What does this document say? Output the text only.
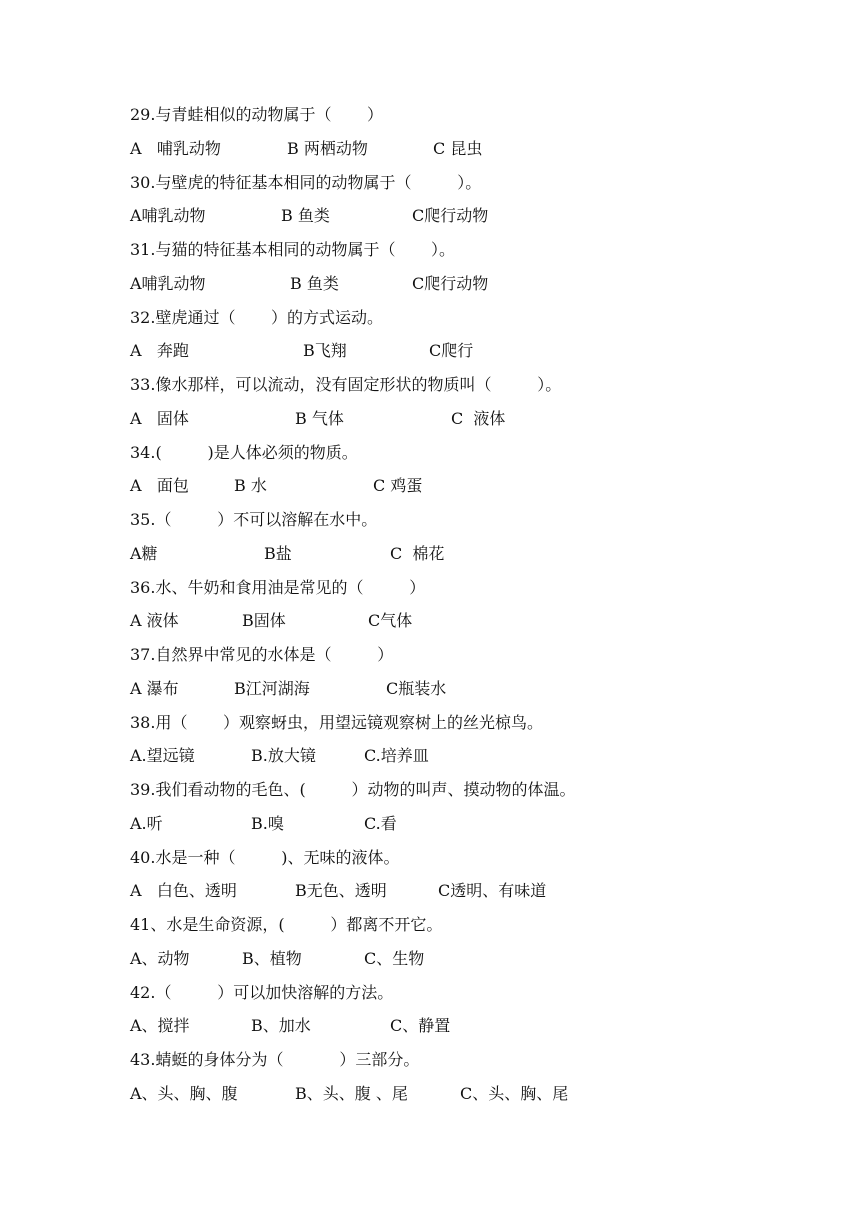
29.与青蛙相似的动物属于（       ）

A   哺乳动物

	B 两栖动物

	C 昆虫

30.与壁虎的特征基本相同的动物属于（         ）。

A哺乳动物

	B 鱼类

	C爬行动物

31.与猫的特征基本相同的动物属于（       ）。

A哺乳动物

	B 鱼类

	C爬行动物

32.壁虎通过（       ）的方式运动。

A   奔跑

	B飞翔

	C爬行

33.像水那样，可以流动，没有固定形状的物质叫（         ）。

A   固体

	B 气体

	C  液体

34.(         )是人体必须的物质。

A   面包

	B 水

	C 鸡蛋

35.（         ）不可以溶解在水中。

A糖

	B盐

	C  棉花

36.水、牛奶和食用油是常见的（         ）

A 液体

	B固体

	C气体

37.自然界中常见的水体是（         ）

A 瀑布

	B江河湖海

	C瓶装水

38.用（       ）观察蚜虫，用望远镜观察树上的丝光椋鸟。

A.望远镜

	B.放大镜

	C.培养皿

39.我们看动物的毛色、(         ）动物的叫声、摸动物的体温。

A.听

	B.嗅

	C.看

40.水是一种（         )、无味的液体。

A   白色、透明

	B无色、透明

	C透明、有味道

41、水是生命资源，(         ）都离不开它。

A、动物

	B、植物

	C、生物

42.（         ）可以加快溶解的方法。

A、搅拌

	B、加水

	C、静置

43.蜻蜓的身体分为（           ）三部分。

A、头、胸、腹

	B、头、腹 、尾

	C、头、胸、尾
